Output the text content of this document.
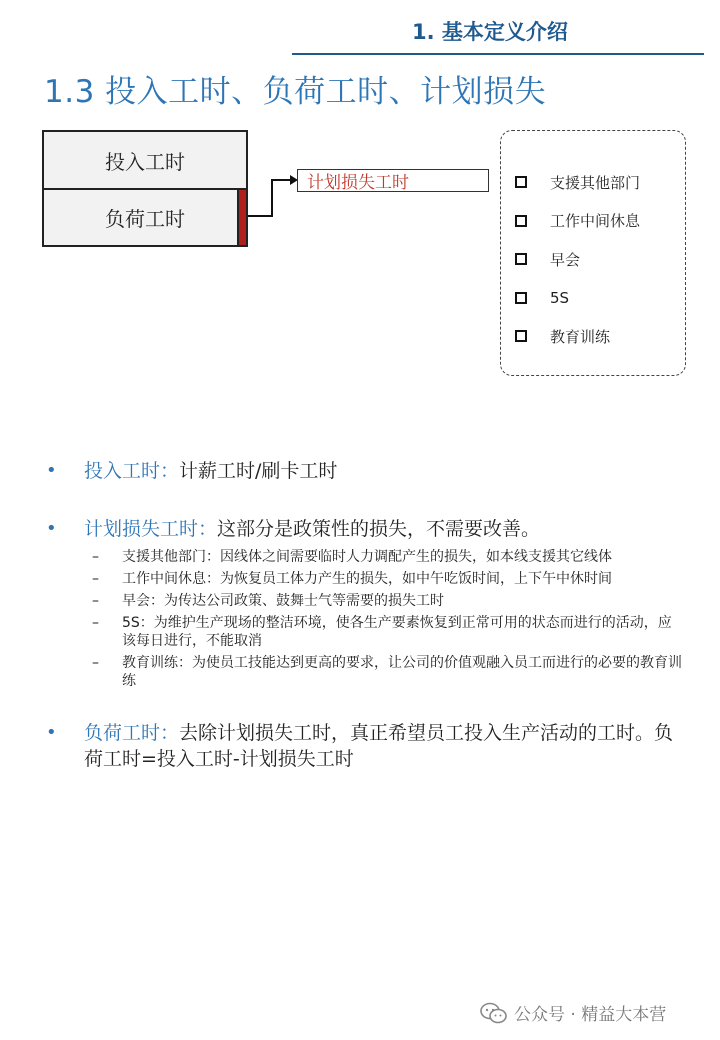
1. 基本定义介绍
1.3 投入工时、负荷工时、计划损失
投入工时
负荷工时
计划损失工时	支援其他部门
工作中间休息
早会
5S
教育训练
•	投入工时：计薪工时/刷卡工时
•	计划损失工时：这部分是政策性的损失，不需要改善。
–	支援其他部门：因线体之间需要临时人力调配产生的损失，如本线支援其它线体
–	工作中间休息：为恢复员工体力产生的损失，如中午吃饭时间，上下午中休时间
–	早会：为传达公司政策、鼓舞士气等需要的损失工时
–	5S：为维护生产现场的整洁环境，使各生产要素恢复到正常可用的状态而进行的活动，应该每日进行，不能取消
–	教育训练：为使员工技能达到更高的要求，让公司的价值观融入员工而进行的必要的教育训练
•	负荷工时：去除计划损失工时，真正希望员工投入生产活动的工时。负荷工时=投入工时-计划损失工时
公众号 · 精益大本营
